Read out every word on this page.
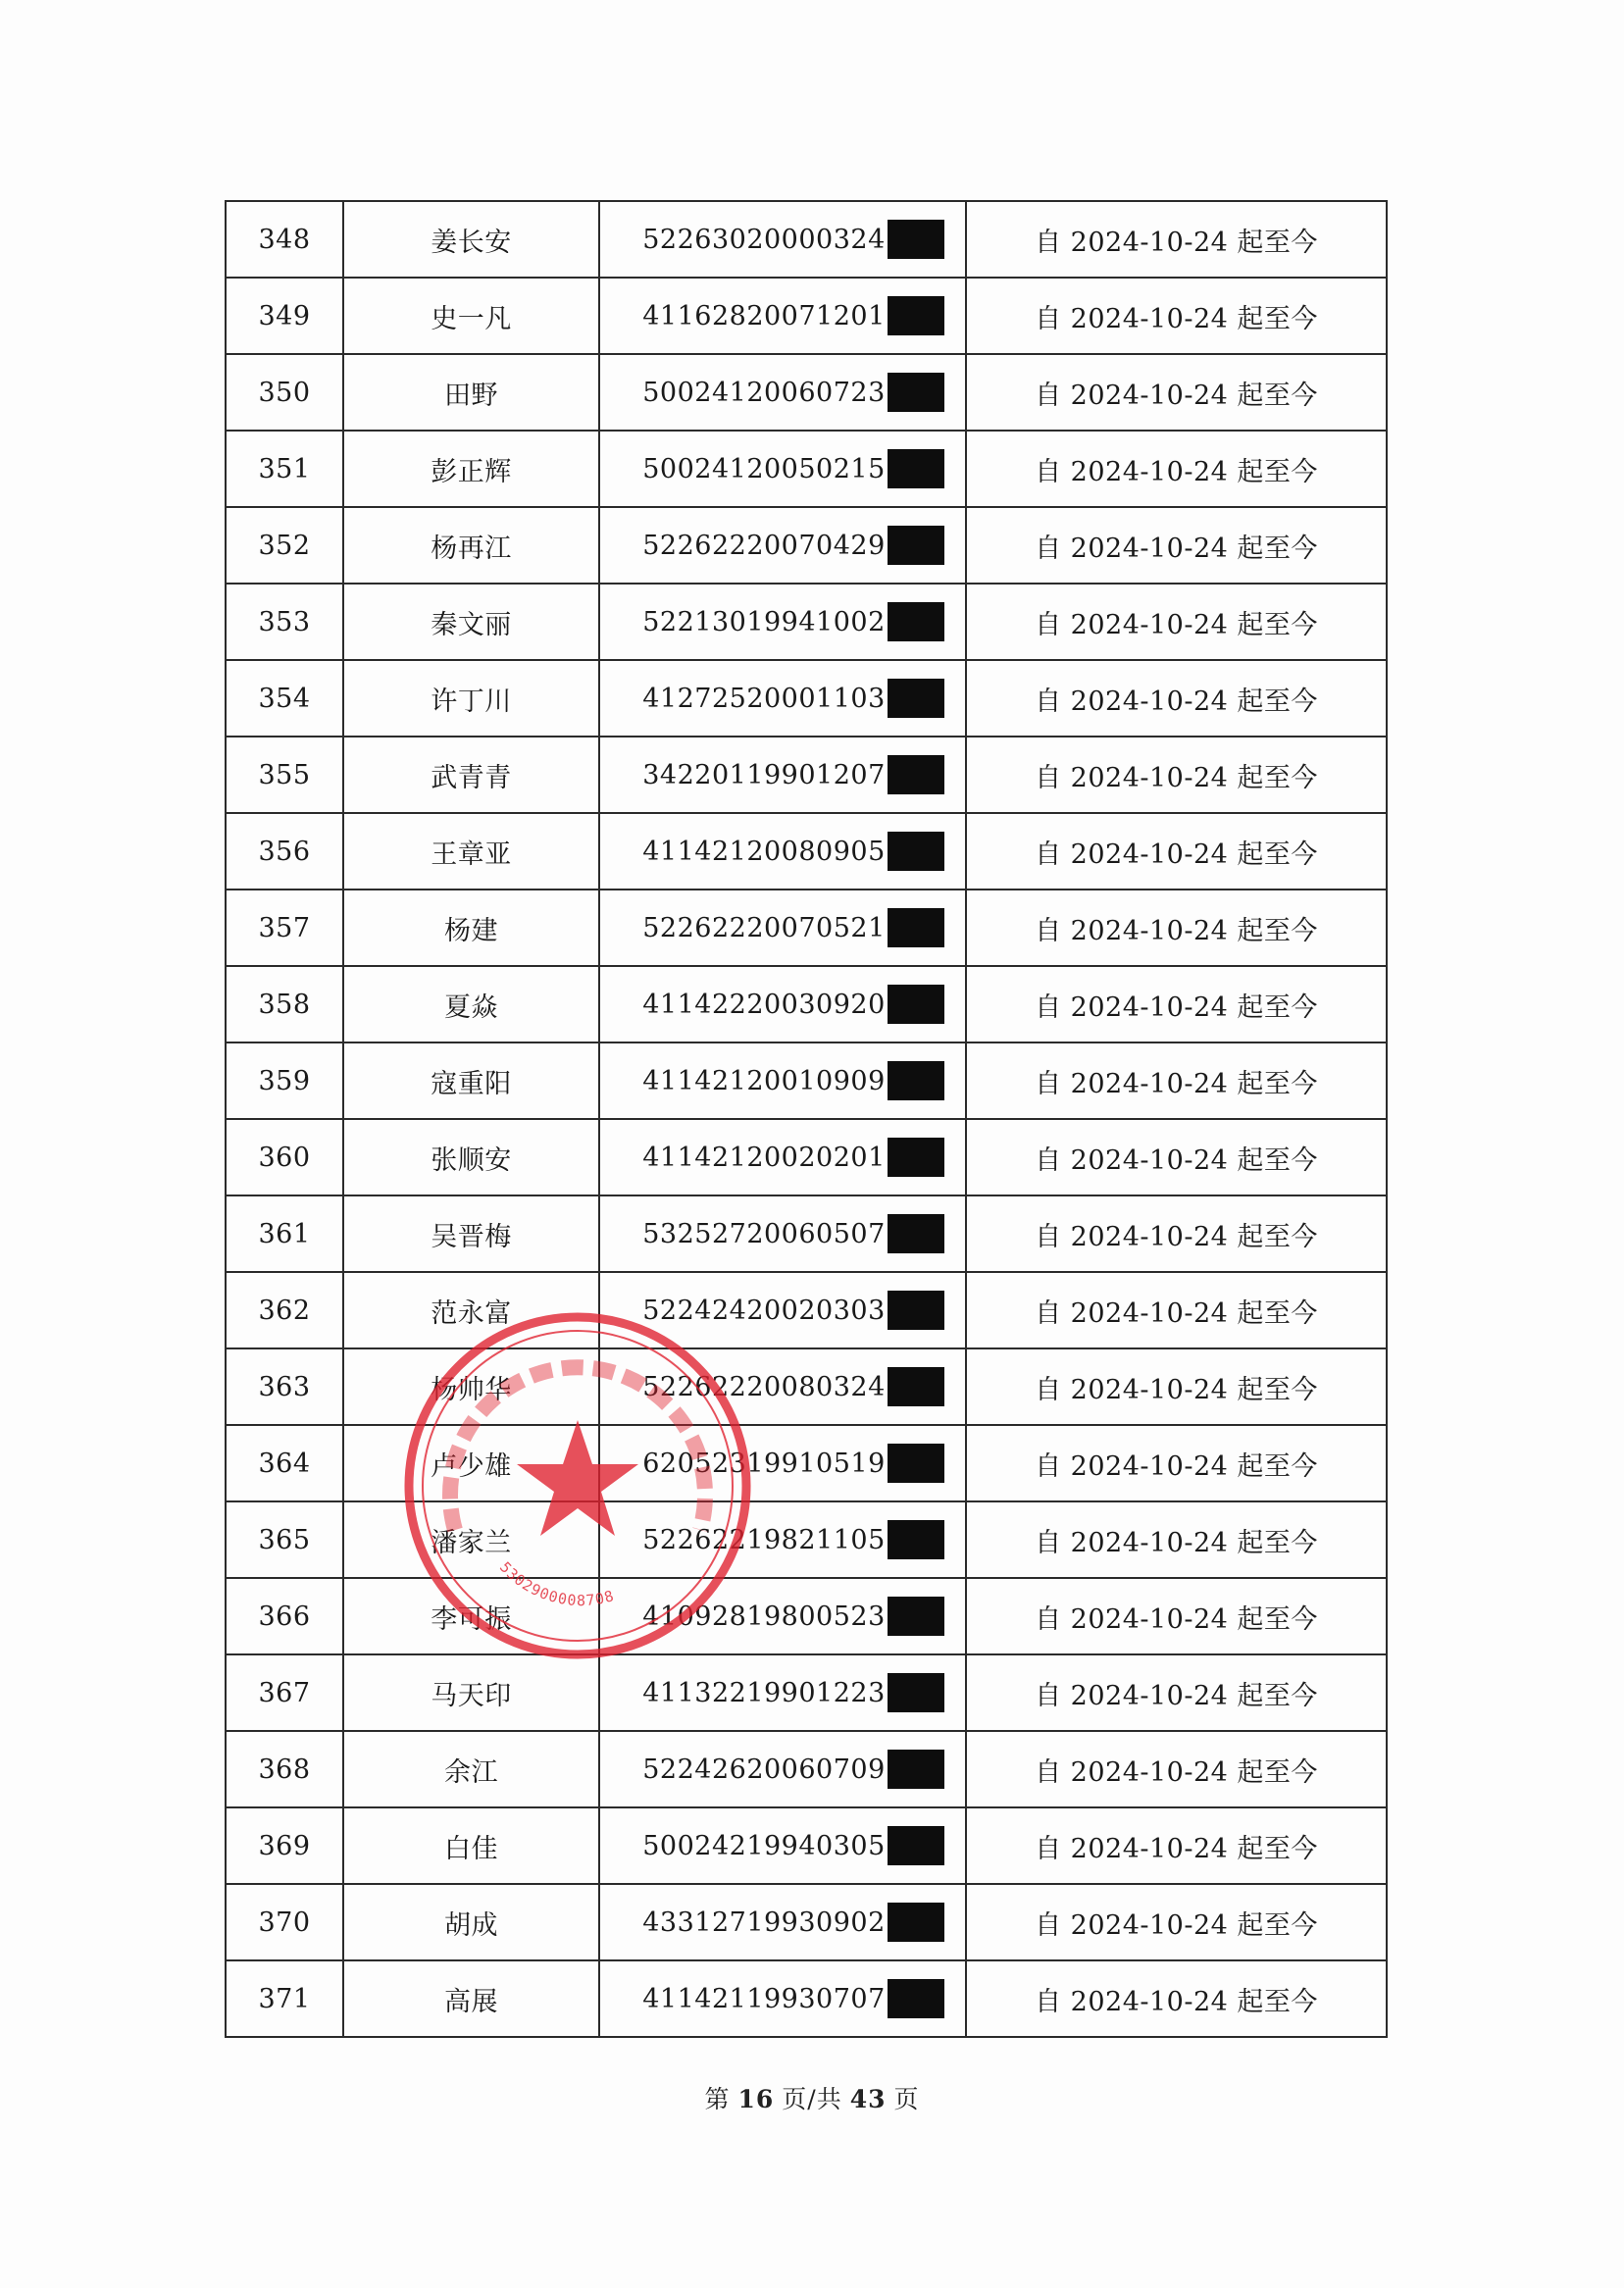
348	姜长安	52263020000324	自 2024-10-24 起至今
349	史一凡	41162820071201	自 2024-10-24 起至今
350	田野	50024120060723	自 2024-10-24 起至今
351	彭正辉	50024120050215	自 2024-10-24 起至今
352	杨再江	52262220070429	自 2024-10-24 起至今
353	秦文丽	52213019941002	自 2024-10-24 起至今
354	许丁川	41272520001103	自 2024-10-24 起至今
355	武青青	34220119901207	自 2024-10-24 起至今
356	王章亚	41142120080905	自 2024-10-24 起至今
357	杨建	52262220070521	自 2024-10-24 起至今
358	夏焱	41142220030920	自 2024-10-24 起至今
359	寇重阳	41142120010909	自 2024-10-24 起至今
360	张顺安	41142120020201	自 2024-10-24 起至今
361	吴晋梅	53252720060507	自 2024-10-24 起至今
362	范永富	52242420020303	自 2024-10-24 起至今
363	杨帅华	52262220080324	自 2024-10-24 起至今
364	卢少雄	62052319910519	自 2024-10-24 起至今
365	潘家兰	52262219821105	自 2024-10-24 起至今
366	李可振	41092819800523	自 2024-10-24 起至今
367	马天印	41132219901223	自 2024-10-24 起至今
368	余江	52242620060709	自 2024-10-24 起至今
369	白佳	50024219940305	自 2024-10-24 起至今
370	胡成	43312719930902	自 2024-10-24 起至今
371	高展	41142119930707	自 2024-10-24 起至今
5302900008708
第 16 页/共 43 页
